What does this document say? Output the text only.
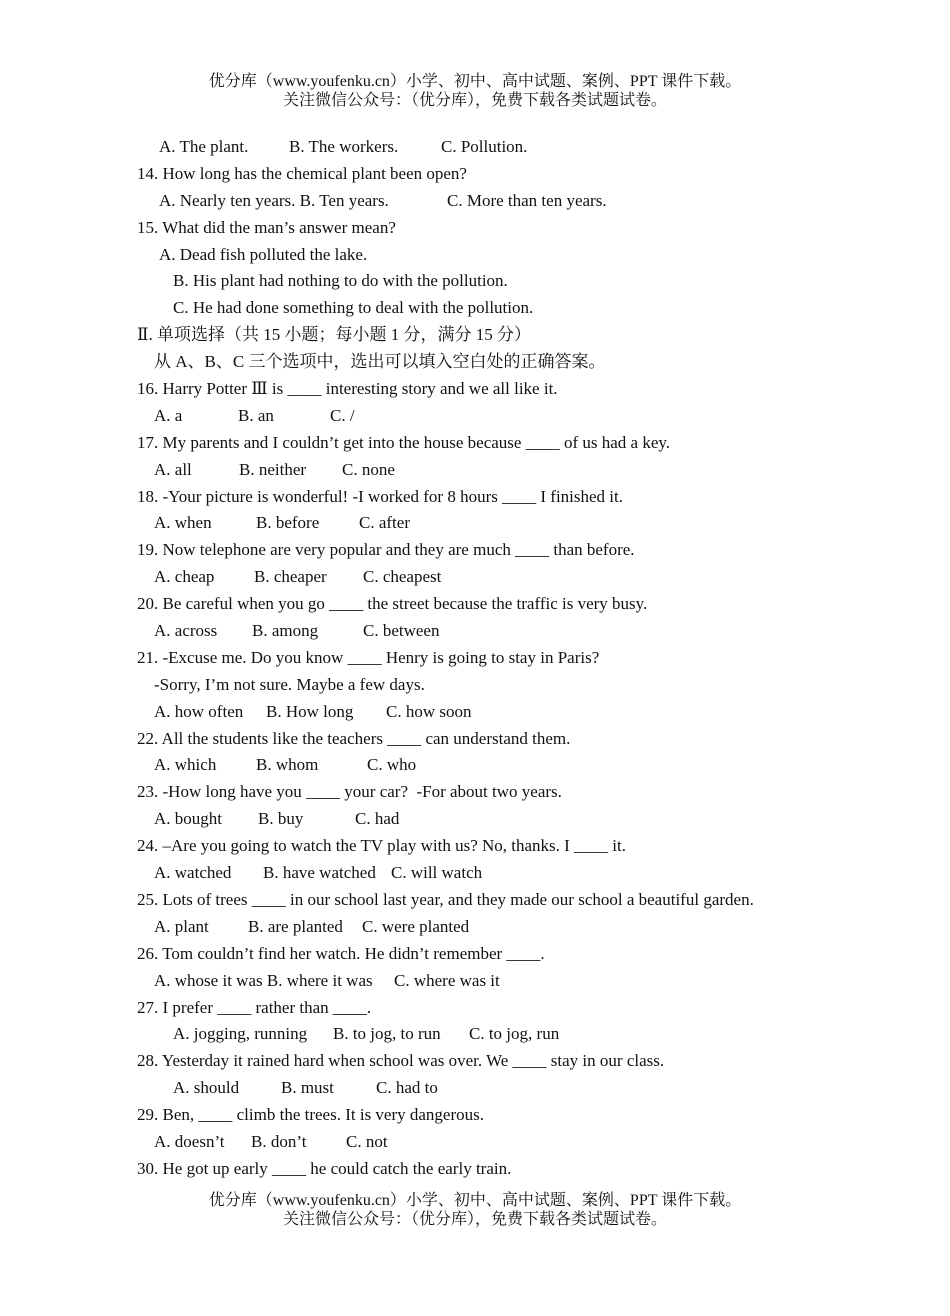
优分库（www.youfenku.cn）小学、初中、高中试题、案例、PPT 课件下载。
关注微信公众号：（优分库），免费下载各类试题试卷。
A. The plant. B. The workers.	C. Pollution.
14. How long has the chemical plant been open?
A. Nearly ten years. B. Ten years.	C. More than ten years.
15. What did the man’s answer mean?
A. Dead fish polluted the lake.
B. His plant had nothing to do with the pollution.
C. He had done something to deal with the pollution.
Ⅱ. 单项选择（共 15 小题；每小题 1 分，满分 15 分）
从 A、B、C 三个选项中，选出可以填入空白处的正确答案。
16. Harry Potter Ⅲ is ____ interesting story and we all like it.
A. a	B. an	C. /
17. My parents and I couldn’t get into the house because ____ of us had a key.
A. all	B. neither C. none
18. -Your picture is wonderful! -I worked for 8 hours ____ I finished it.
A. when	B. before C. after
19. Now telephone are very popular and they are much ____ than before.
A. cheap B. cheaper C. cheapest
20. Be careful when you go ____ the street because the traffic is very busy.
A. across B. among	C. between
21. -Excuse me. Do you know ____ Henry is going to stay in Paris?
-Sorry, I’m not sure. Maybe a few days.
A. how often B. How long C. how soon
22. All the students like the teachers ____ can understand them.
A. which B. whom	C. who
23. -How long have you ____ your car?  -For about two years.
A. bought B. buy	C. had
24. –Are you going to watch the TV play with us? No, thanks. I ____ it.
A. watched B. have watched C. will watch
25. Lots of trees ____ in our school last year, and they made our school a beautiful garden.
A. plant B. are planted C. were planted
26. Tom couldn’t find her watch. He didn’t remember ____.
A. whose it was B. where it was C. where was it
27. I prefer ____ rather than ____.
A. jogging, running B. to jog, to run C. to jog, run
28. Yesterday it rained hard when school was over. We ____ stay in our class.
A. should B. must C. had to
29. Ben, ____ climb the trees. It is very dangerous.
A. doesn’t B. don’t C. not
30. He got up early ____ he could catch the early train.
优分库（www.youfenku.cn）小学、初中、高中试题、案例、PPT 课件下载。
关注微信公众号：（优分库），免费下载各类试题试卷。
